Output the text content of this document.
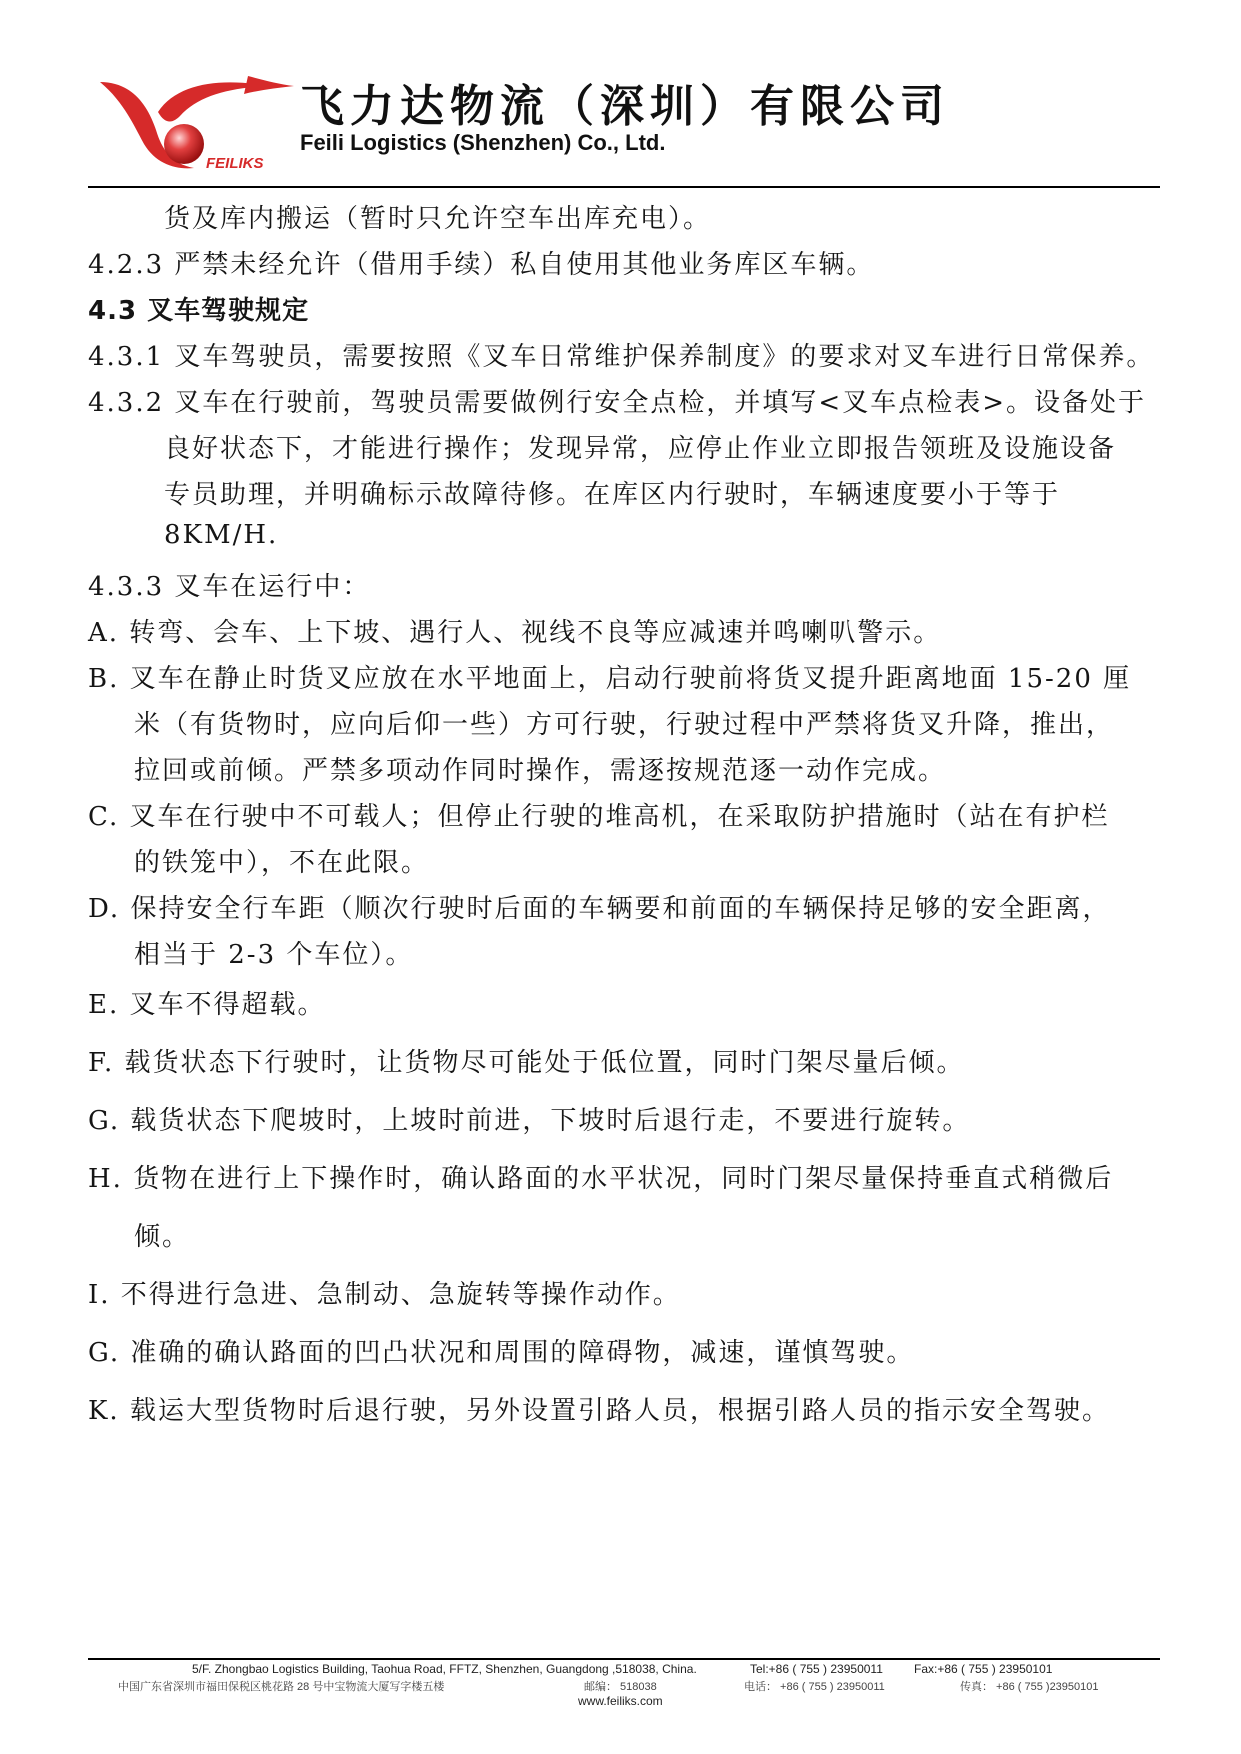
FEILIKS
飞力达物流（深圳）有限公司
Feili Logistics (Shenzhen) Co., Ltd.
货及库内搬运（暂时只允许空车出库充电）。
4.2.3 严禁未经允许（借用手续）私自使用其他业务库区车辆。
4.3 叉车驾驶规定
4.3.1 叉车驾驶员，需要按照《叉车日常维护保养制度》的要求对叉车进行日常保养。
4.3.2 叉车在行驶前，驾驶员需要做例行安全点检，并填写<叉车点检表>。设备处于
良好状态下，才能进行操作；发现异常，应停止作业立即报告领班及设施设备
专员助理，并明确标示故障待修。在库区内行驶时，车辆速度要小于等于
8KM/H.
4.3.3 叉车在运行中：
A. 转弯、会车、上下坡、遇行人、视线不良等应减速并鸣喇叭警示。
B. 叉车在静止时货叉应放在水平地面上，启动行驶前将货叉提升距离地面 15-20 厘
米（有货物时，应向后仰一些）方可行驶，行驶过程中严禁将货叉升降，推出，
拉回或前倾。严禁多项动作同时操作，需逐按规范逐一动作完成。
C. 叉车在行驶中不可载人；但停止行驶的堆高机，在采取防护措施时（站在有护栏
的铁笼中），不在此限。
D. 保持安全行车距（顺次行驶时后面的车辆要和前面的车辆保持足够的安全距离，
相当于 2-3 个车位）。
E. 叉车不得超载。
F. 载货状态下行驶时，让货物尽可能处于低位置，同时门架尽量后倾。
G. 载货状态下爬坡时，上坡时前进，下坡时后退行走，不要进行旋转。
H. 货物在进行上下操作时，确认路面的水平状况，同时门架尽量保持垂直式稍微后
倾。
I. 不得进行急进、急制动、急旋转等操作动作。
G. 准确的确认路面的凹凸状况和周围的障碍物，减速，谨慎驾驶。
K. 载运大型货物时后退行驶，另外设置引路人员，根据引路人员的指示安全驾驶。
5/F. Zhongbao Logistics Building, Taohua Road, FFTZ, Shenzhen, Guangdong ,518038, China.	Tel:+86 ( 755 ) 23950011	Fax:+86 ( 755 ) 23950101
中国广东省深圳市福田保税区桃花路 28 号中宝物流大厦写字楼五楼	邮编： 518038	电话： +86 ( 755 ) 23950011	传真： +86 ( 755 )23950101
www.feiliks.com
